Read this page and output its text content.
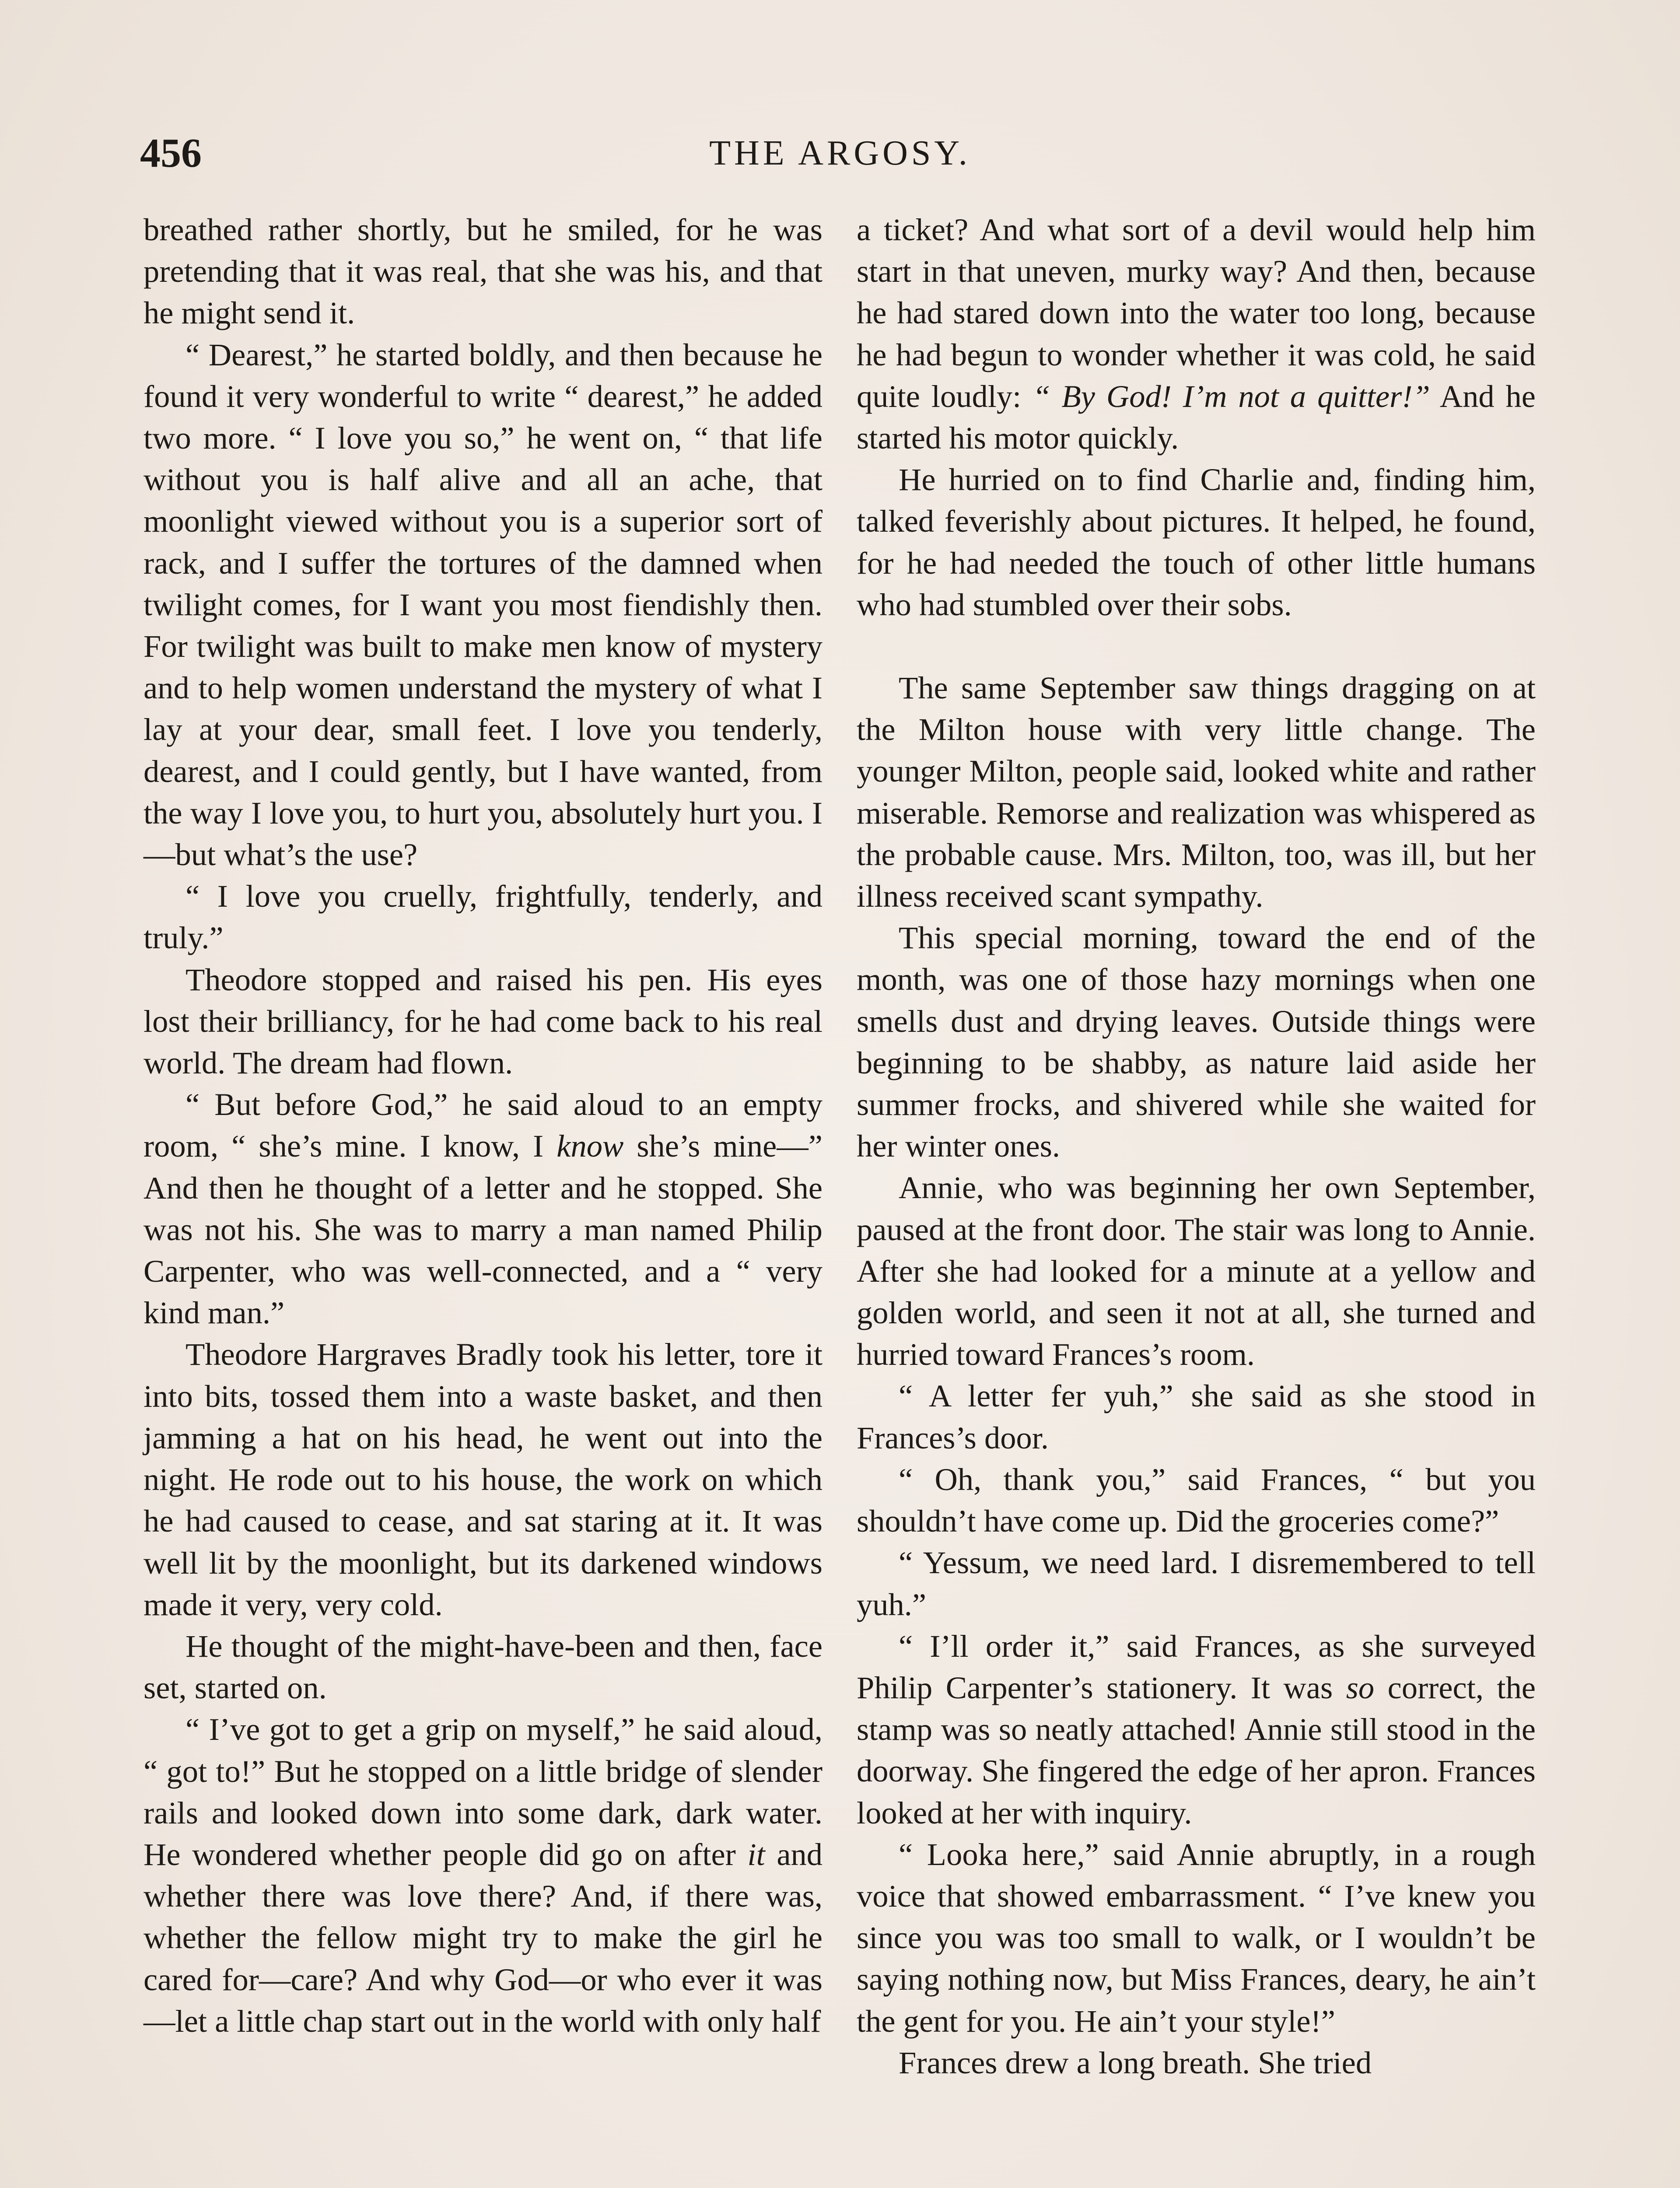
456	THE ARGOSY.

breathed rather shortly, but he smiled, for he was pretending that it was real, that she was his, and that he might send it.

“ Dearest,” he started boldly, and then because he found it very wonderful to write “ dearest,” he added two more. “ I love you so,” he went on, “ that life without you is half alive and all an ache, that moonlight viewed without you is a superior sort of rack, and I suffer the tortures of the damned when twilight comes, for I want you most fiendishly then. For twilight was built to make men know of mystery and to help women understand the mystery of what I lay at your dear, small feet. I love you tenderly, dearest, and I could gently, but I have wanted, from the way I love you, to hurt you, absolutely hurt you. I —but what’s the use?

“ I love you cruelly, frightfully, tenderly, and truly.”

Theodore stopped and raised his pen. His eyes lost their brilliancy, for he had come back to his real world. The dream had flown.

“ But before God,” he said aloud to an empty room, “ she’s mine. I know, I know she’s mine—” And then he thought of a letter and he stopped. She was not his. She was to marry a man named Philip Carpenter, who was well-connected, and a “ very kind man.”

Theodore Hargraves Bradly took his letter, tore it into bits, tossed them into a waste basket, and then jamming a hat on his head, he went out into the night. He rode out to his house, the work on which he had caused to cease, and sat staring at it. It was well lit by the moonlight, but its darkened windows made it very, very cold.

He thought of the might-have-been and then, face set, started on.

“ I’ve got to get a grip on myself,” he said aloud, “ got to!” But he stopped on a little bridge of slender rails and looked down into some dark, dark water. He wondered whether people did go on after it and whether there was love there? And, if there was, whether the fellow might try to make the girl he cared for—care? And why God—or who ever it was—let a little chap start out in the world with only half

a ticket? And what sort of a devil would help him start in that uneven, murky way? And then, because he had stared down into the water too long, because he had begun to wonder whether it was cold, he said quite loudly: “ By God! I’m not a quitter!” And he started his motor quickly.

He hurried on to find Charlie and, finding him, talked feverishly about pictures. It helped, he found, for he had needed the touch of other little humans who had stumbled over their sobs.

The same September saw things dragging on at the Milton house with very little change. The younger Milton, people said, looked white and rather miserable. Remorse and realization was whispered as the probable cause. Mrs. Milton, too, was ill, but her illness received scant sympathy.

This special morning, toward the end of the month, was one of those hazy mornings when one smells dust and drying leaves. Outside things were beginning to be shabby, as nature laid aside her summer frocks, and shivered while she waited for her winter ones.

Annie, who was beginning her own September, paused at the front door. The stair was long to Annie. After she had looked for a minute at a yellow and golden world, and seen it not at all, she turned and hurried toward Frances’s room.

“ A letter fer yuh,” she said as she stood in Frances’s door.

“ Oh, thank you,” said Frances, “ but you shouldn’t have come up. Did the groceries come?”

“ Yessum, we need lard. I disremembered to tell yuh.”

“ I’ll order it,” said Frances, as she surveyed Philip Carpenter’s stationery. It was so correct, the stamp was so neatly attached! Annie still stood in the doorway. She fingered the edge of her apron. Frances looked at her with inquiry.

“ Looka here,” said Annie abruptly, in a rough voice that showed embarrassment. “ I’ve knew you since you was too small to walk, or I wouldn’t be saying nothing now, but Miss Frances, deary, he ain’t the gent for you. He ain’t your style!”

Frances drew a long breath. She tried
